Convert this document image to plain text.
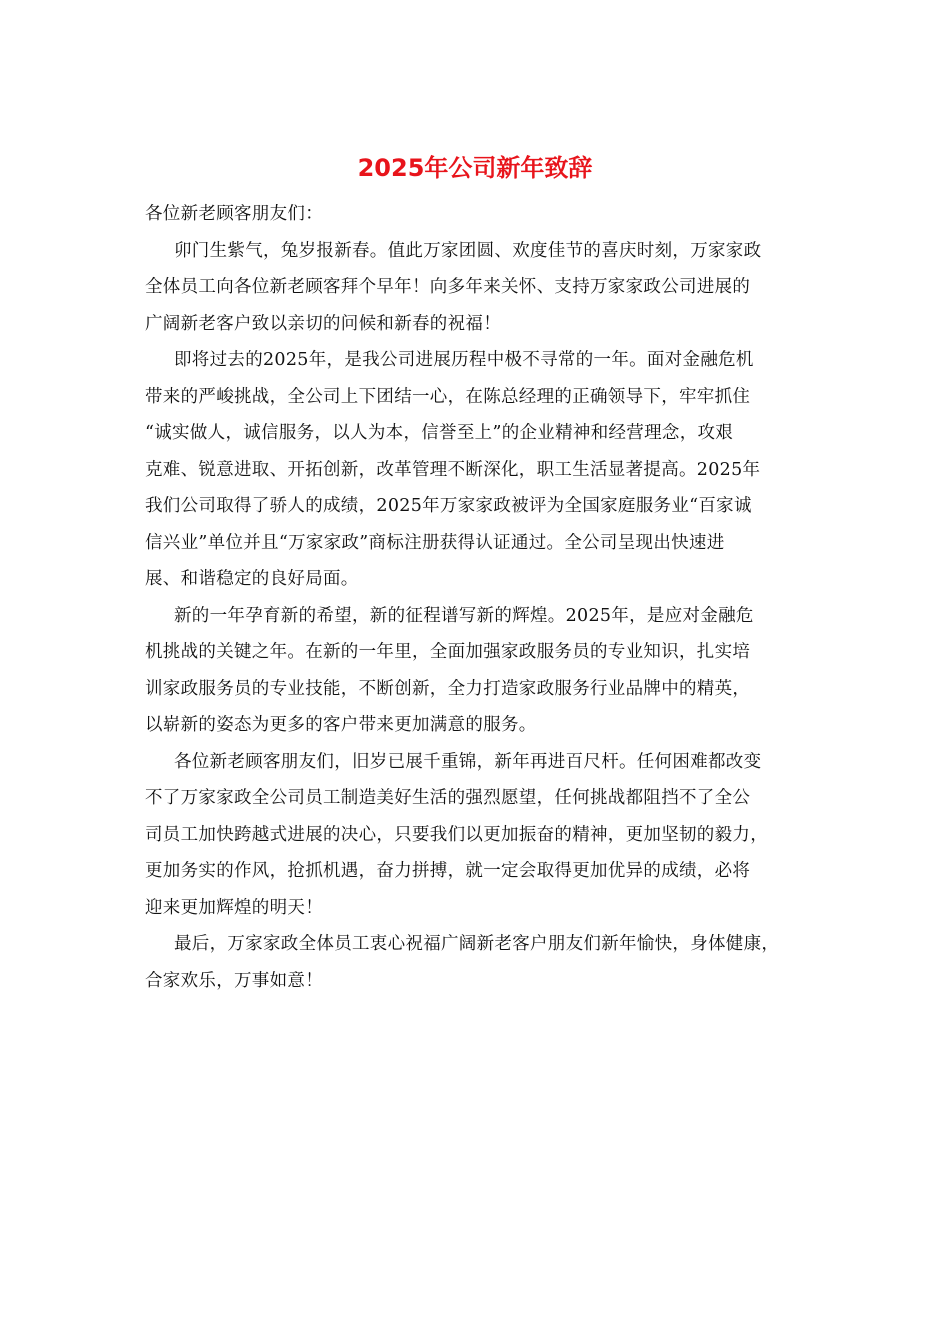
2025年公司新年致辞
各位新老顾客朋友们：
卯门生紫气，兔岁报新春。值此万家团圆、欢度佳节的喜庆时刻，万家家政
全体员工向各位新老顾客拜个早年！向多年来关怀、支持万家家政公司进展的
广阔新老客户致以亲切的问候和新春的祝福！
即将过去的2025年，是我公司进展历程中极不寻常的一年。面对金融危机
带来的严峻挑战，全公司上下团结一心，在陈总经理的正确领导下，牢牢抓住
“诚实做人，诚信服务，以人为本，信誉至上”的企业精神和经营理念，攻艰
克难、锐意进取、开拓创新，改革管理不断深化，职工生活显著提高。2025年
我们公司取得了骄人的成绩，2025年万家家政被评为全国家庭服务业“百家诚
信兴业”单位并且“万家家政”商标注册获得认证通过。全公司呈现出快速进
展、和谐稳定的良好局面。
新的一年孕育新的希望，新的征程谱写新的辉煌。2025年，是应对金融危
机挑战的关键之年。在新的一年里，全面加强家政服务员的专业知识，扎实培
训家政服务员的专业技能，不断创新，全力打造家政服务行业品牌中的精英，
以崭新的姿态为更多的客户带来更加满意的服务。
各位新老顾客朋友们，旧岁已展千重锦，新年再进百尺杆。任何困难都改变
不了万家家政全公司员工制造美好生活的强烈愿望，任何挑战都阻挡不了全公
司员工加快跨越式进展的决心，只要我们以更加振奋的精神，更加坚韧的毅力，
更加务实的作风，抢抓机遇，奋力拼搏，就一定会取得更加优异的成绩，必将
迎来更加辉煌的明天！
最后，万家家政全体员工衷心祝福广阔新老客户朋友们新年愉快，身体健康，
合家欢乐，万事如意！
